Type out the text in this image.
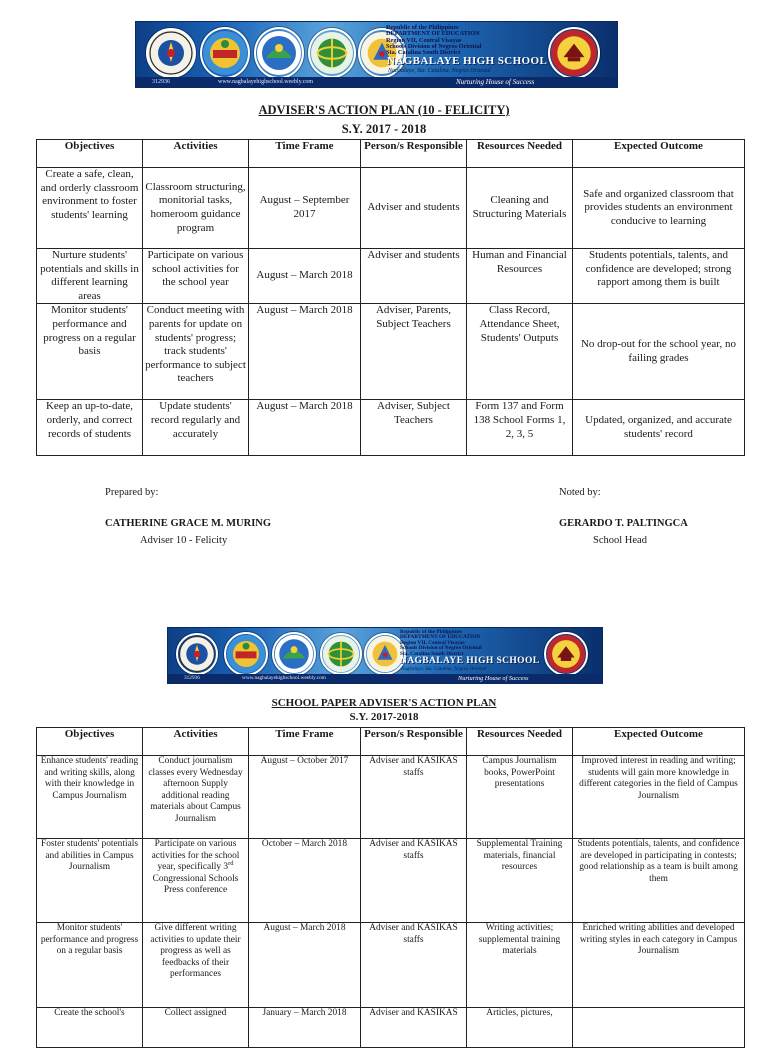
Republic of the Philippines
DEPARTMENT OF EDUCATION
Region VII, Central Visayas
Schools Division of Negros Oriental
Sta. Catalina South District
NAGBALAYE HIGH SCHOOL
Nagbalaye, Sta. Catalina, Negros Oriental
312936	www.nagbalayehighschool.weebly.com	Nurturing House of Success
ADVISER'S ACTION PLAN (10 - FELICITY)
S.Y. 2017 - 2018
Objectives	Activities	Time Frame	Person/s Responsible	Resources Needed	Expected Outcome
Create a safe, clean, and orderly classroom environment to foster students' learning	Classroom structuring, monitorial tasks, homeroom guidance program	August – September 2017	Adviser and students	Cleaning and Structuring Materials	Safe and organized classroom that provides students an environment conducive to learning
Nurture students' potentials and skills in different learning areas	Participate on various school activities for the school year	August – March 2018	Adviser and students	Human and Financial Resources	Students potentials, talents, and confidence are developed; strong rapport among them is built
Monitor students' performance and progress on a regular basis	Conduct meeting with parents for update on students' progress; track students' performance to subject teachers	August – March 2018	Adviser, Parents, Subject Teachers	Class Record, Attendance Sheet, Students' Outputs	No drop-out for the school year, no failing grades
Keep an up-to-date, orderly, and correct records of students	Update students' record regularly and accurately	August – March 2018	Adviser, Subject Teachers	Form 137 and Form 138 School Forms 1, 2, 3, 5	Updated, organized, and accurate students' record
Prepared by:
CATHERINE GRACE M. MURING
Adviser 10 - Felicity
Noted by:
GERARDO T. PALTINGCA
School Head
Republic of the Philippines
DEPARTMENT OF EDUCATION
Region VII, Central Visayas
Schools Division of Negros Oriental
Sta. Catalina South District
NAGBALAYE HIGH SCHOOL
Nagbalaye, Sta. Catalina, Negros Oriental
312936	www.nagbalayehighschool.weebly.com	Nurturing House of Success
SCHOOL PAPER ADVISER'S ACTION PLAN
S.Y. 2017-2018
Objectives	Activities	Time Frame	Person/s Responsible	Resources Needed	Expected Outcome
Enhance students' reading and writing skills, along with their knowledge in Campus Journalism	Conduct journalism classes every Wednesday afternoon Supply additional reading materials about Campus Journalism	August – October 2017	Adviser and KASIKAS staffs	Campus Journalism books, PowerPoint presentations	Improved interest in reading and writing; students will gain more knowledge in different categories in the field of Campus Journalism
Foster students' potentials and abilities in Campus Journalism	Participate on various activities for the school year, specifically 3rd Congressional Schools Press conference	October – March 2018	Adviser and KASIKAS staffs	Supplemental Training materials, financial resources	Students potentials, talents, and confidence are developed in participating in contests; good relationship as a team is built among them
Monitor students' performance and progress on a regular basis	Give different writing activities to update their progress as well as feedbacks of their performances	August – March 2018	Adviser and KASIKAS staffs	Writing activities; supplemental training materials	Enriched writing abilities and developed writing styles in each category in Campus Journalism
Create the school's	Collect assigned	January – March 2018	Adviser and KASIKAS	Articles, pictures,	
